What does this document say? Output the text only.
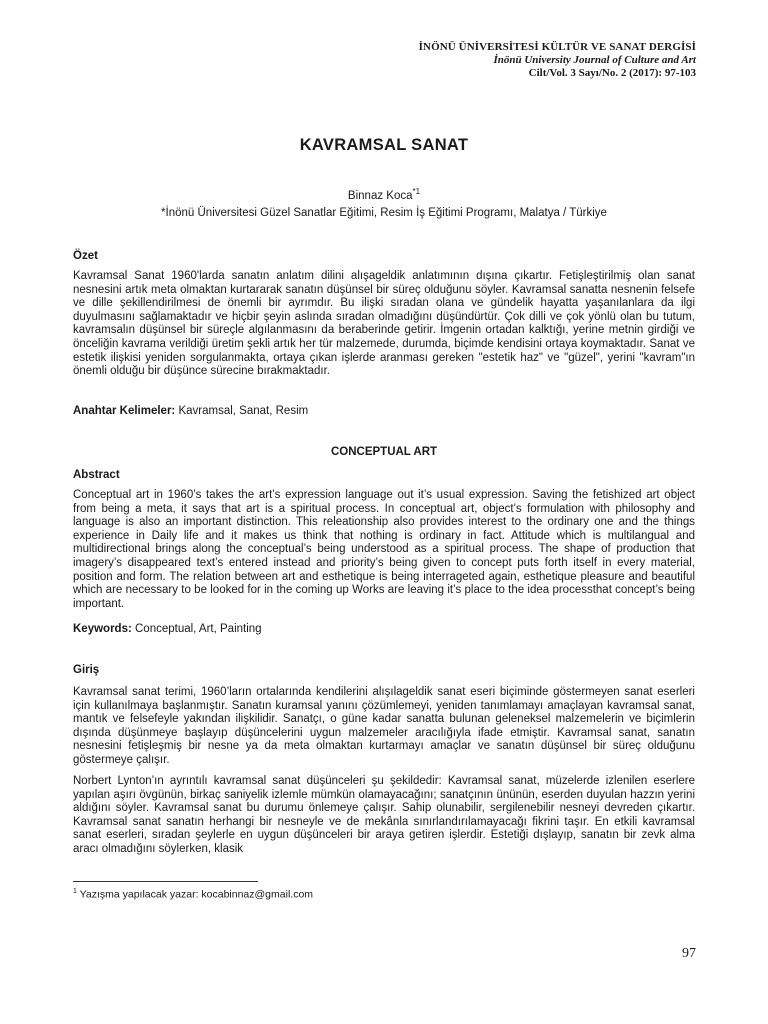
İNÖNÜ ÜNİVERSİTESİ KÜLTÜR VE SANAT DERGİSİ
İnönü University Journal of Culture and Art
Cilt/Vol. 3 Sayı/No. 2 (2017): 97-103
KAVRAMSAL SANAT
Binnaz Koca$^{*1}$
*İnönü Üniversitesi Güzel Sanatlar Eğitimi, Resim İş Eğitimi Programı, Malatya / Türkiye
Özet

Kavramsal Sanat 1960'larda sanatın anlatım dilini alışageldik anlatımının dışına çıkartır. Fetişleştirilmiş olan sanat nesnesini artık meta olmaktan kurtararak sanatın düşünsel bir süreç olduğunu söyler. Kavramsal sanatta nesnenin felsefe ve dille şekillendirilmesi de önemli bir ayrımdır. Bu ilişki sıradan olana ve gündelik hayatta yaşanılanlara da ilgi duyulmasını sağlamaktadır ve hiçbir şeyin aslında sıradan olmadığını düşündürtür. Çok dilli ve çok yönlü olan bu tutum, kavramsalın düşünsel bir süreçle algılanmasını da beraberinde getirir. İmgenin ortadan kalktığı, yerine metnin girdiği ve önceliğin kavrama verildiği üretim şekli artık her tür malzemede, durumda, biçimde kendisini ortaya koymaktadır. Sanat ve estetik ilişkisi yeniden sorgulanmakta, ortaya çıkan işlerde aranması gereken "estetik haz" ve "güzel", yerini "kavram"ın önemli olduğu bir düşünce sürecine bırakmaktadır.

Anahtar Kelimeler: Kavramsal, Sanat, Resim
CONCEPTUAL ART
Abstract

Conceptual art in 1960’s takes the art’s expression language out it’s usual expression. Saving the fetishized art object from being a meta, it says that art is a spiritual process. In conceptual art, object’s formulation with philosophy and language is also an important distinction. This releationship also provides interest to the ordinary one and the things experience in Daily life and it makes us think that nothing is ordinary in fact. Attitude which is multilangual and multidirectional brings along the conceptual’s being understood as a spiritual process. The shape of production that imagery’s disappeared text’s entered instead and priority’s being given to concept puts forth itself in every material, position and form. The relation between art and esthetique is being interrageted again, esthetique pleasure and beautiful which are necessary to be looked for in the coming up Works are leaving it’s place to the idea processthat concept’s being important.

Keywords: Conceptual, Art, Painting
Giriş

Kavramsal sanat terimi, 1960’ların ortalarında kendilerini alışılageldik sanat eseri biçiminde göstermeyen sanat eserleri için kullanılmaya başlanmıştır. Sanatın kuramsal yanını çözümlemeyi, yeniden tanımlamayı amaçlayan kavramsal sanat, mantık ve felsefeyle yakından ilişkilidir. Sanatçı, o güne kadar sanatta bulunan geleneksel malzemelerin ve biçimlerin dışında düşünmeye başlayıp düşüncelerini uygun malzemeler aracılığıyla ifade etmiştir. Kavramsal sanat, sanatın nesnesini fetişleşmiş bir nesne ya da meta olmaktan kurtarmayı amaçlar ve sanatın düşünsel bir süreç olduğunu göstermeye çalışır.

Norbert Lynton’ın ayrıntılı kavramsal sanat düşünceleri şu şekildedir: Kavramsal sanat, müzelerde izlenilen eserlere yapılan aşırı övgünün, birkaç saniyelik izlemle mümkün olamayacağını; sanatçının ününün, eserden duyulan hazzın yerini aldığını söyler. Kavramsal sanat bu durumu önlemeye çalışır. Sahip olunabilir, sergilenebilir nesneyi devreden çıkartır. Kavramsal sanat sanatın herhangi bir nesneyle ve de mekânla sınırlandırılamayacağı fikrini taşır. En etkili kavramsal sanat eserleri, sıradan şeylerle en uygun düşünceleri bir araya getiren işlerdir. Estetiği dışlayıp, sanatın bir zevk alma aracı olmadığını söylerken, klasik

$^1$ Yazışma yapılacak yazar: kocabinnaz@gmail.com
97
